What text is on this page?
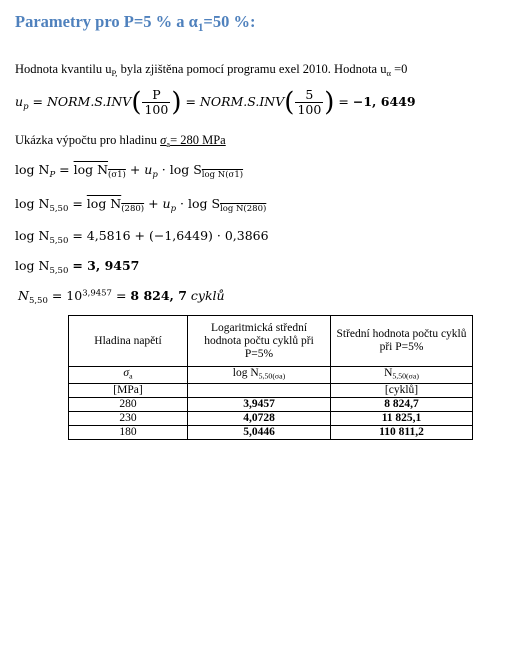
Parametry pro P=5 % a $\alpha_1=50$ %:
Hodnota kvantilu $u_{P,}$ byla zjištěna pomocí programu exel 2010. Hodnota $u_\alpha =0$
$u_p$ = NORM.S.INV( $\frac{P}{100}$ ) = NORM.S.INV( $\frac{5}{100}$ ) = −1, 6449
Ukázka výpočtu pro hladinu $\sigma_a= 280$ MPa
$\log N_P = \log N_{(\sigma 1)} + u_p \cdot \log S_{log N(\sigma 1)}$
$\log N_{5,50} = \log N_{(280)} + u_p \cdot \log S_{log N(280)}$
$\log N_{5,50} = 4,5816 + (-1,6449) \cdot 0,3866$
$\log N_{5,50} = 3$, 9457
$N_{5,50} = 10^{3,9457} = 8$ 824, 7 cyklů
Hladina napětí	Logaritmická střední hodnota počtu cyklů při P=5%	Střední hodnota počtu cyklů při P=5%
$\sigma_a$	$\log N_{5,50(\sigma a)}$	$N_{5,50(\sigma a)}$
[MPa]		[cyklů]
280	3,9457	8 824,7
230	4,0728	11 825,1
180	5,0446	110 811,2
